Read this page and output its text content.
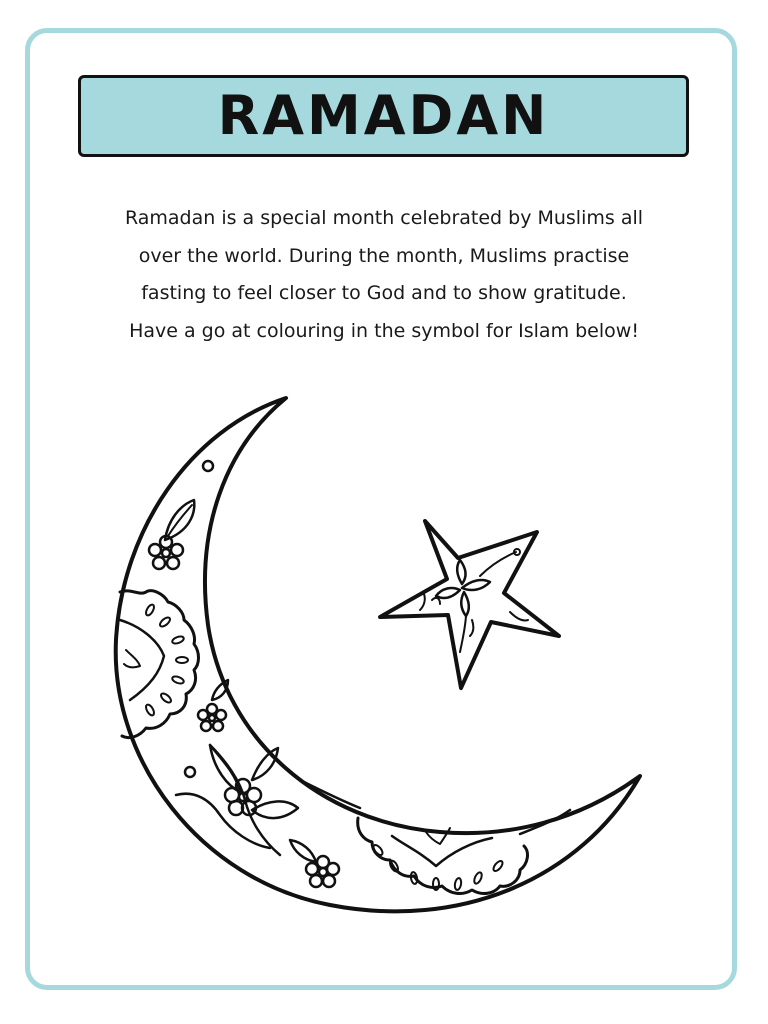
RAMADAN
Ramadan is a special month celebrated by Muslims all
over the world. During the month, Muslims practise
fasting to feel closer to God and to show gratitude.
Have a go at colouring in the symbol for Islam below!
